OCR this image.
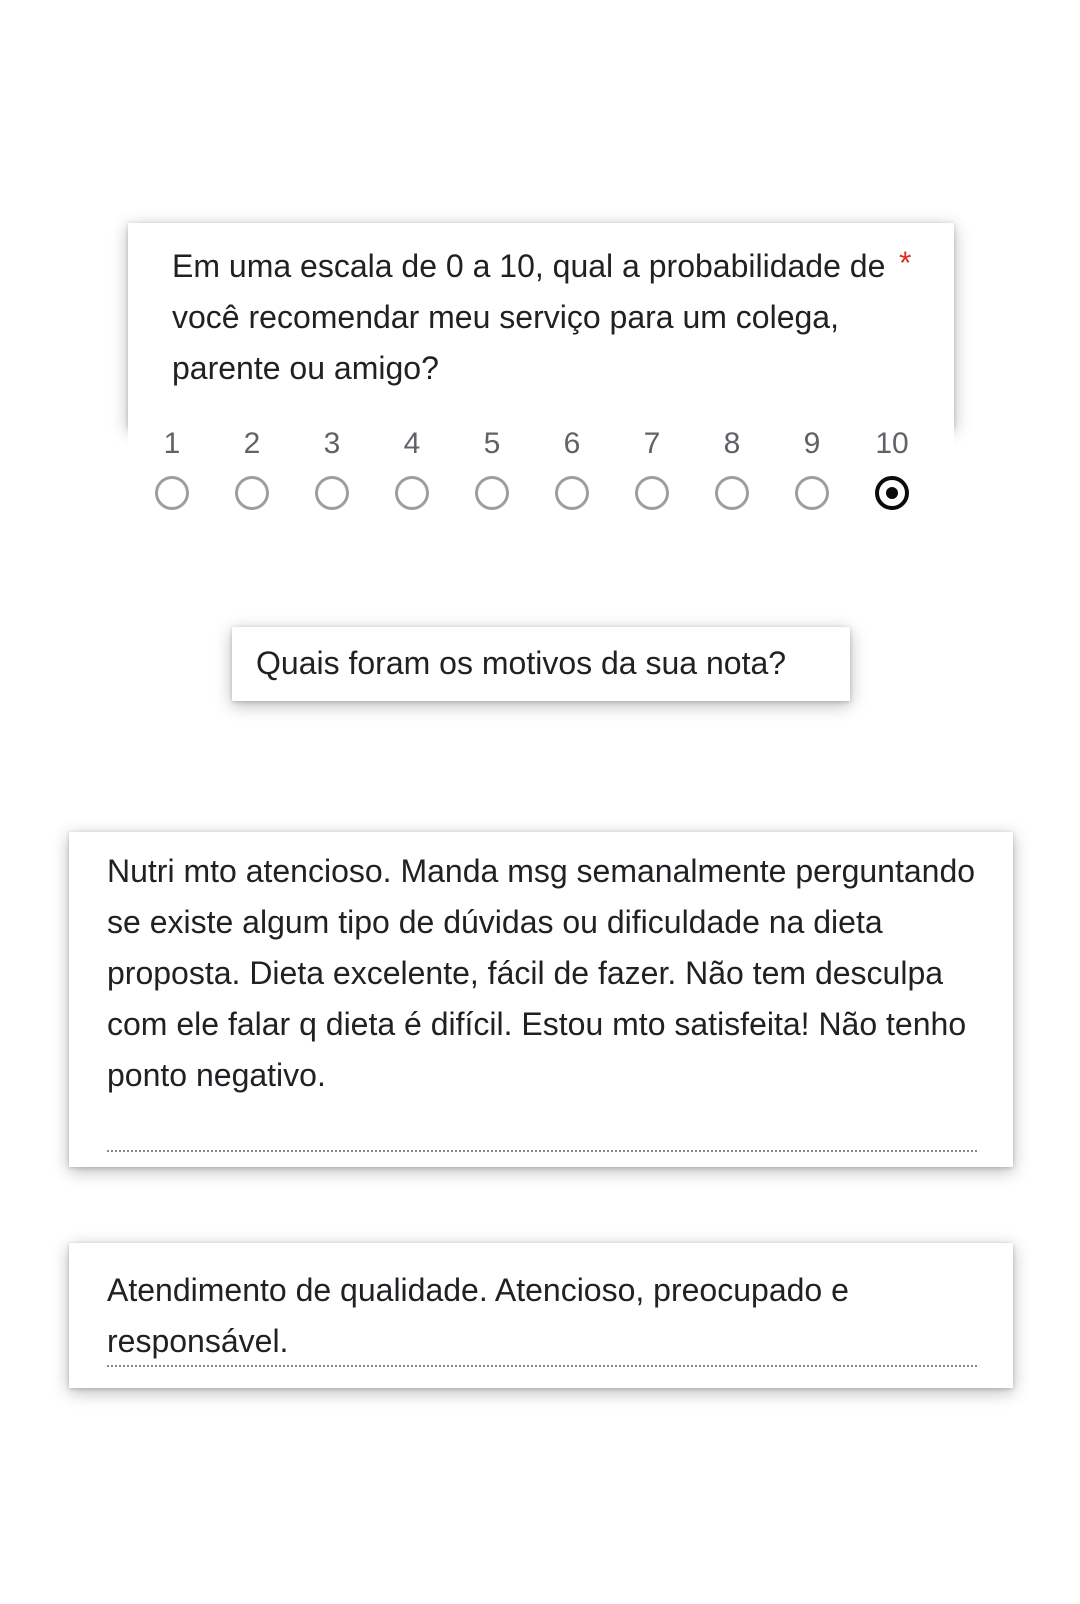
Em uma escala de 0 a 10, qual a probabilidade de você recomendar meu serviço para um colega, parente ou amigo?
*
1	2	3	4	5	6	7	8	9	10
Quais foram os motivos da sua nota?
Nutri mto atencioso. Manda msg semanalmente perguntando se existe algum tipo de dúvidas ou dificuldade na dieta proposta. Dieta excelente, fácil de fazer. Não tem desculpa com ele falar q dieta é difícil. Estou mto satisfeita! Não tenho ponto negativo.
Atendimento de qualidade. Atencioso, preocupado e responsável.
